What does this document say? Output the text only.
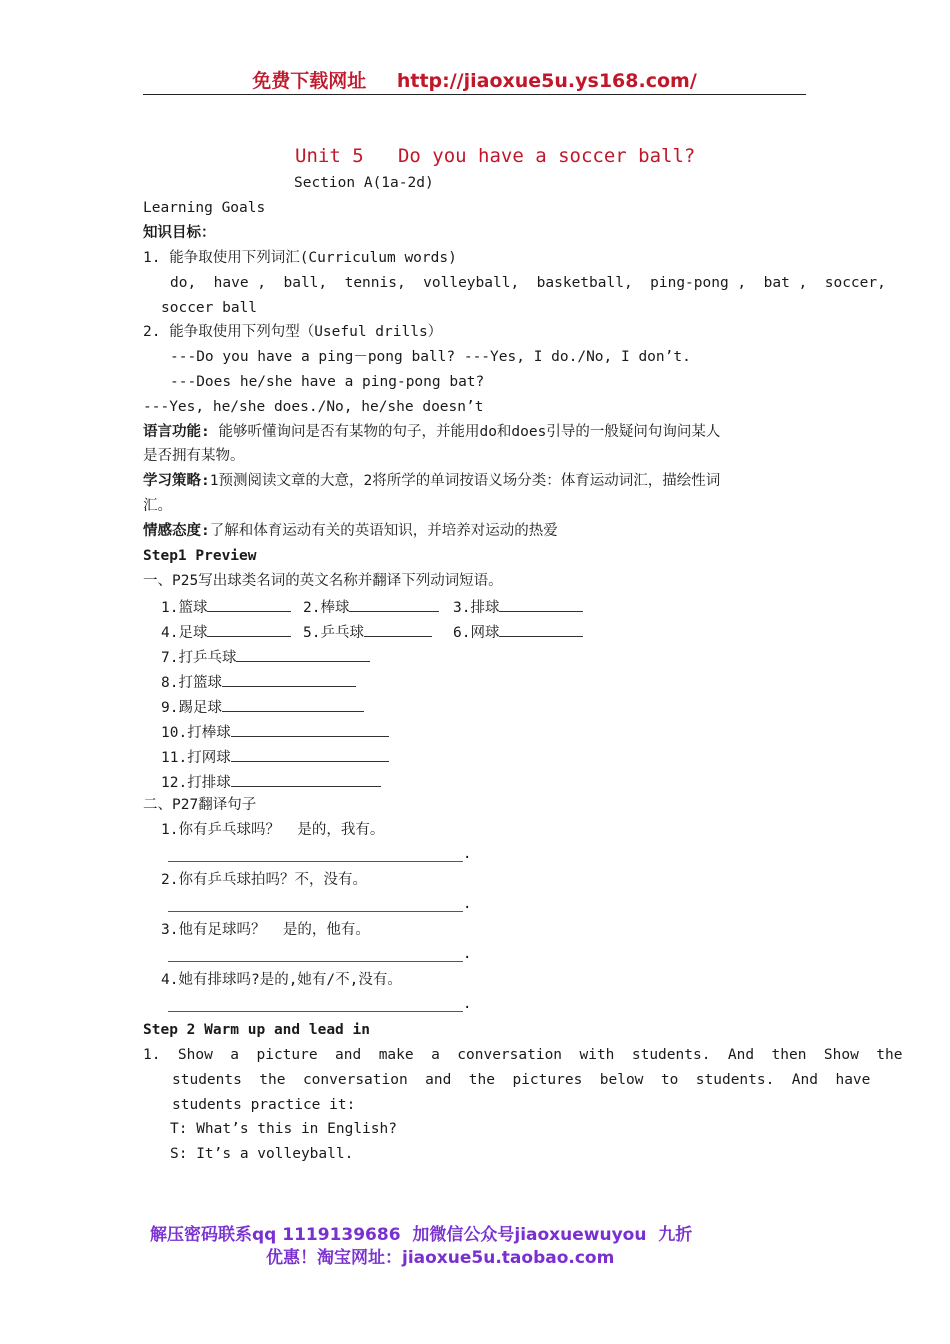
免费下载网址 http://jiaoxue5u.ys168.com/
Unit 5   Do you have a soccer ball?
Section A(1a-2d)
Learning Goals
知识目标：
1. 能争取使用下列词汇(Curriculum words)
do,  have ,  ball,  tennis,  volleyball,  basketball,  ping-pong ,  bat ,  soccer,
soccer ball
2. 能争取使用下列句型（Useful drills）
---Do you have a ping－pong ball? ---Yes, I do./No, I don’t.
---Does he/she have a ping-pong bat?
---Yes, he/she does./No, he/she doesn’t
语言功能: 能够听懂询问是否有某物的句子，并能用do和does引导的一般疑问句询问某人
是否拥有某物。
学习策略:1预测阅读文章的大意，2将所学的单词按语义场分类：体育运动词汇，描绘性词
汇。
情感态度:了解和体育运动有关的英语知识，并培养对运动的热爱
Step1 Preview
一、P25写出球类名词的英文名称并翻译下列动词短语。
1.篮球	2.棒球	3.排球
4.足球	5.乒乓球	6.网球
7.打乒乓球
8.打篮球
9.踢足球
10.打棒球
11.打网球
12.打排球
二、P27翻译句子
1.你有乒乓球吗？  是的，我有。
.
2.你有乒乓球拍吗？不，没有。
.
3.他有足球吗？  是的，他有。
.
4.她有排球吗?是的,她有/不,没有。
.
Step 2 Warm up and lead in
1.  Show  a  picture  and  make  a  conversation  with  students.  And  then  Show  the
students  the  conversation  and  the  pictures  below  to  students.  And  have
students practice it:
T: What’s this in English?
S: It’s a volleyball.
解压密码联系qq 1119139686  加微信公众号jiaoxuewuyou  九折
优惠！淘宝网址：jiaoxue5u.taobao.com
